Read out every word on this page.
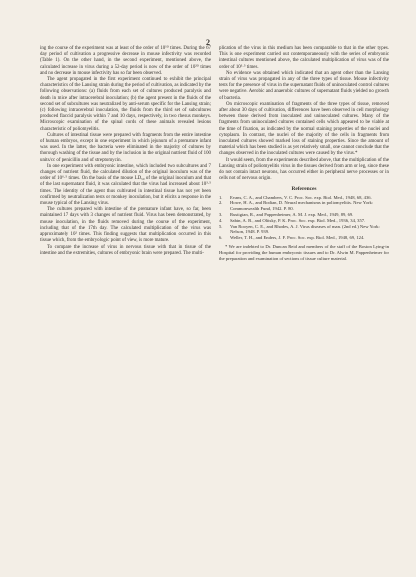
2

ing the course of the experiment was at least of the order of 10¹⁰ times. During the 67 day period of cultivation a progressive decrease in mouse infectivity was recorded (Table 1). On the other hand, in the second experiment, mentioned above, the calculated increase in virus during a 52-day period is now of the order of 10²⁰ times and no decrease in mouse infectivity has so far been observed.

The agent propagated in the first experiment continued to exhibit the principal characteristics of the Lansing strain during the period of cultivation, as indicated by the following observations: (a) fluids from each set of cultures produced paralysis and death in mice after intracerebral inoculation; (b) the agent present in the fluids of the second set of subcultures was neutralized by anti-serum specific for the Lansing strain; (c) following intracerebral inoculation, the fluids from the third set of subcultures produced flaccid paralysis within 7 and 10 days, respectively, in two rhesus monkeys. Microscopic examination of the spinal cords of these animals revealed lesions characteristic of poliomyelitis.

Cultures of intestinal tissue were prepared with fragments from the entire intestine of human embryos, except in one experiment in which jejunum of a premature infant was used. In the latter, the bacteria were eliminated in the majority of cultures by thorough washing of the tissue and by the inclusion in the original nutrient fluid of 100 units/cc of penicillin and of streptomycin.

In one experiment with embryonic intestine, which included two subcultures and 7 changes of nutrient fluid, the calculated dilution of the original inoculum was of the order of 10⁶·⁵ times. On the basis of the mouse LD₅₀ of the original inoculum and that of the last supernatant fluid, it was calculated that the virus had increased about 10³·⁵ times. The identity of the agent thus cultivated in intestinal tissue has not yet been confirmed by neutralization tests or monkey inoculation, but it elicits a response in the mouse typical of the Lansing virus.

The cultures prepared with intestine of the premature infant have, so far, been maintained 17 days with 3 changes of nutrient fluid. Virus has been demonstrated, by mouse inoculation, in the fluids removed during the course of the experiment, including that of the 17th day. The calculated multiplication of the virus was approximately 10² times. This finding suggests that multiplication occurred in this tissue which, from the embryologic point of view, is more mature.

To compare the increase of virus in nervous tissue with that in tissue of the intestine and the extremities, cultures of embryonic brain were prepared. The multi-

plication of the virus in this medium has been comparable to that in the other types. This is one experiment carried out contemporaneously with the series of embryonic intestinal cultures mentioned above, the calculated multiplication of virus was of the order of 10³·⁵ times.

No evidence was obtained which indicated that an agent other than the Lansing strain of virus was propagated in any of the three types of tissue. Mouse infectivity tests for the presence of virus in the supernatant fluids of uninoculated control cultures were negative. Aerobic and anaerobic cultures of supernatant fluids yielded no growth of bacteria.

On microscopic examination of fragments of the three types of tissue, removed after about 30 days of cultivation, differences have been observed in cell morphology between those derived from inoculated and uninoculated cultures. Many of the fragments from uninoculated cultures contained cells which appeared to be viable at the time of fixation, as indicated by the normal staining properties of the nuclei and cytoplasm. In contrast, the nuclei of the majority of the cells in fragments from inoculated cultures showed marked loss of staining properties. Since the amount of material which has been studied is as yet relatively small, one cannot conclude that the changes observed in the inoculated cultures were caused by the virus.*

It would seem, from the experiments described above, that the multiplication of the Lansing strain of poliomyelitis virus in the tissues derived from arm or leg, since these do not contain intact neurons, has occurred either in peripheral nerve processes or in cells not of nervous origin.

References
1. Evans, C. A., and Chambers, V. C. Proc. Soc. exp. Biol. Med., 1948, 68, 436.
2. Howe, H. A., and Bodian, D. Neural mechanisms in poliomyelitis. New York: Commonwealth Fund, 1942. P. 80.
3. Rustigian, R., and Pappenheimer, A. M. J. exp. Med., 1949, 89, 69.
4. Sabin, A. B., and Olitsky, P. K. Proc. Soc. exp. Biol. Med., 1936, 34, 357.
5. Van Rooyen, C. E., and Rhodes, A. J. Virus diseases of man. (2nd ed.) New York: Nelson, 1948. P. 939.
6. Weller, T. H., and Enders, J. F. Proc. Soc. exp. Biol. Med., 1948, 69, 124.
* We are indebted to Dr. Duncan Reid and members of the staff of the Boston Lying-in Hospital for providing the human embryonic tissues and to Dr. Alwin M. Pappenheimer for the preparation and examination of sections of tissue culture material.
